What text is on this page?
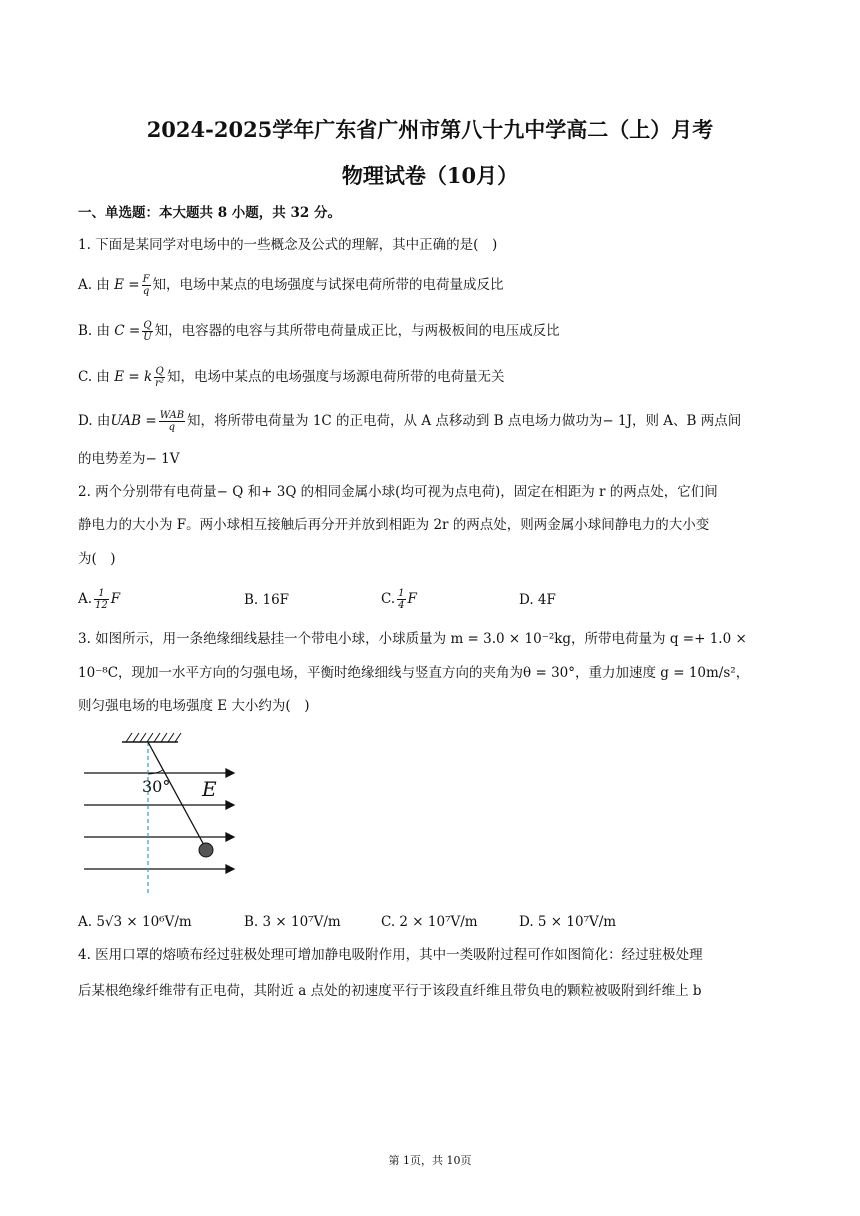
2024-2025学年广东省广州市第八十九中学高二（上）月考
物理试卷（10月）
一、单选题：本大题共 8 小题，共 32 分。
1. 下面是某同学对电场中的一些概念及公式的理解，其中正确的是(　)
A. 由 $E = \frac{F}{q}$ 知，电场中某点的电场强度与试探电荷所带的电荷量成反比
B. 由 $C = \frac{Q}{U}$ 知，电容器的电容与其所带电荷量成正比，与两极板间的电压成反比
C. 由 E = k $\frac{Q}{\text{r²}}$ 知，电场中某点的电场强度与场源电荷所带的电荷量无关
D. 由UAB = $\frac{\text{WAB}}{q}$ 知，将所带电荷量为 1C 的正电荷，从 A 点移动到 B 点电场力做功为− 1J，则 A、B 两点间
的电势差为− 1V
2. 两个分别带有电荷量− Q 和+ 3Q 的相同金属小球(均可视为点电荷)，固定在相距为 r 的两点处，它们间
静电力的大小为 F。两小球相互接触后再分开并放到相距为 2r 的两点处，则两金属小球间静电力的大小变
为(　)
A. $\frac{1}{12}$ F	B. 16F	C. $\frac{1}{4}$ F	D. 4F
3. 如图所示，用一条绝缘细线悬挂一个带电小球，小球质量为 m = 3.0 × 10⁻²kg，所带电荷量为 q =+ 1.0 ×
10⁻⁸C，现加一水平方向的匀强电场，平衡时绝缘细线与竖直方向的夹角为θ = 30°，重力加速度 g = 10m/s²，
则匀强电场的电场强度 E 大小约为(　)
30° E
A. 5√3 × 10⁶V/m	B. 3 × 10⁷V/m	C. 2 × 10⁷V/m	D. 5 × 10⁷V/m
4. 医用口罩的熔喷布经过驻极处理可增加静电吸附作用，其中一类吸附过程可作如图简化：经过驻极处理
后某根绝缘纤维带有正电荷，其附近 a 点处的初速度平行于该段直纤维且带负电的颗粒被吸附到纤维上 b
第 1页，共 10页
